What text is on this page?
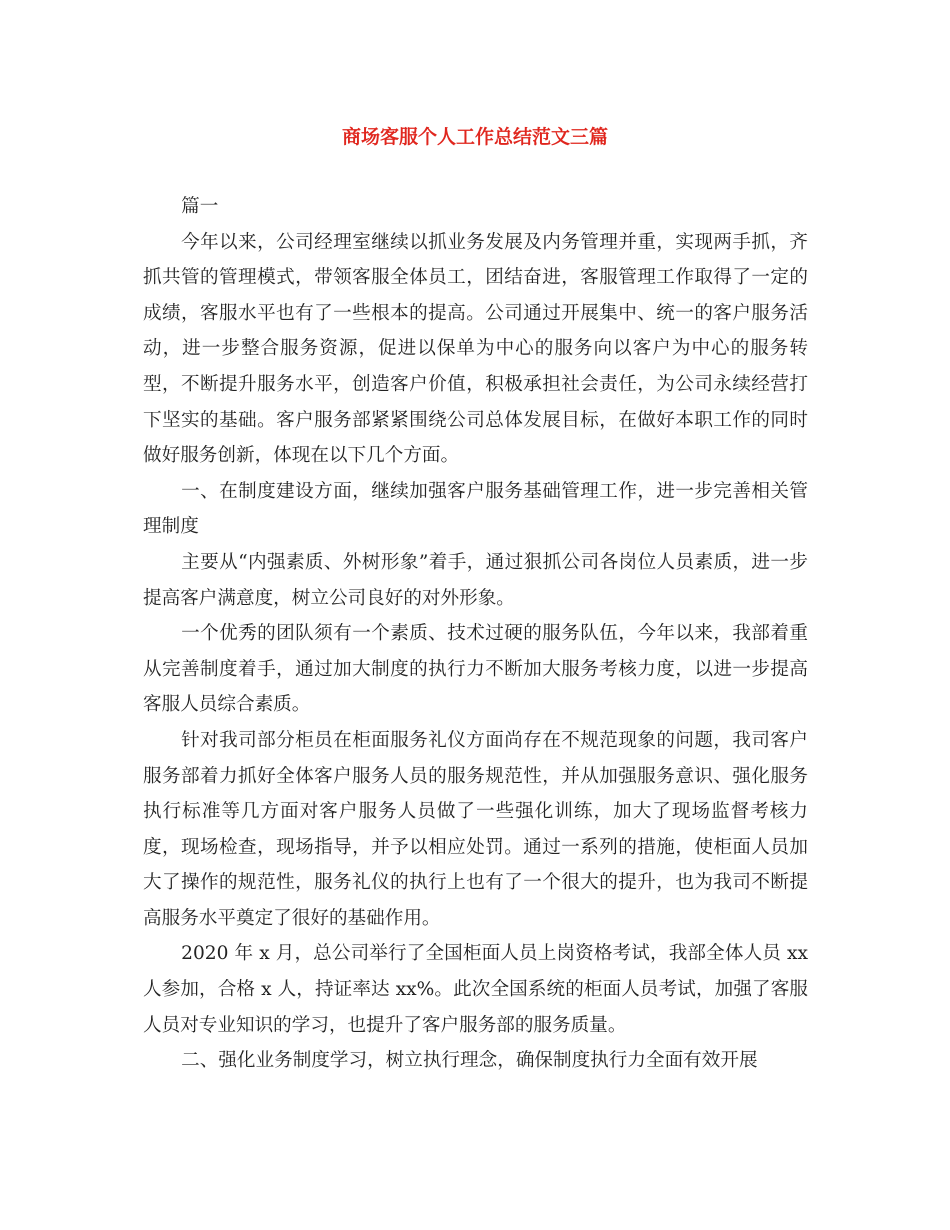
商场客服个人工作总结范文三篇

篇一

今年以来，公司经理室继续以抓业务发展及内务管理并重，实现两手抓，齐抓共管的管理模式，带领客服全体员工，团结奋进，客服管理工作取得了一定的成绩，客服水平也有了一些根本的提高。公司通过开展集中、统一的客户服务活动，进一步整合服务资源，促进以保单为中心的服务向以客户为中心的服务转型，不断提升服务水平，创造客户价值，积极承担社会责任，为公司永续经营打下坚实的基础。客户服务部紧紧围绕公司总体发展目标，在做好本职工作的同时做好服务创新，体现在以下几个方面。

一、在制度建设方面，继续加强客户服务基础管理工作，进一步完善相关管理制度

主要从“内强素质、外树形象”着手，通过狠抓公司各岗位人员素质，进一步提高客户满意度，树立公司良好的对外形象。

一个优秀的团队须有一个素质、技术过硬的服务队伍，今年以来，我部着重从完善制度着手，通过加大制度的执行力不断加大服务考核力度，以进一步提高客服人员综合素质。

针对我司部分柜员在柜面服务礼仪方面尚存在不规范现象的问题，我司客户服务部着力抓好全体客户服务人员的服务规范性，并从加强服务意识、强化服务执行标准等几方面对客户服务人员做了一些强化训练，加大了现场监督考核力度，现场检查，现场指导，并予以相应处罚。通过一系列的措施，使柜面人员加大了操作的规范性，服务礼仪的执行上也有了一个很大的提升，也为我司不断提高服务水平奠定了很好的基础作用。

2020 年 x 月，总公司举行了全国柜面人员上岗资格考试，我部全体人员 xx 人参加，合格 x 人，持证率达 xx%。此次全国系统的柜面人员考试，加强了客服人员对专业知识的学习，也提升了客户服务部的服务质量。

二、强化业务制度学习，树立执行理念，确保制度执行力全面有效开展
